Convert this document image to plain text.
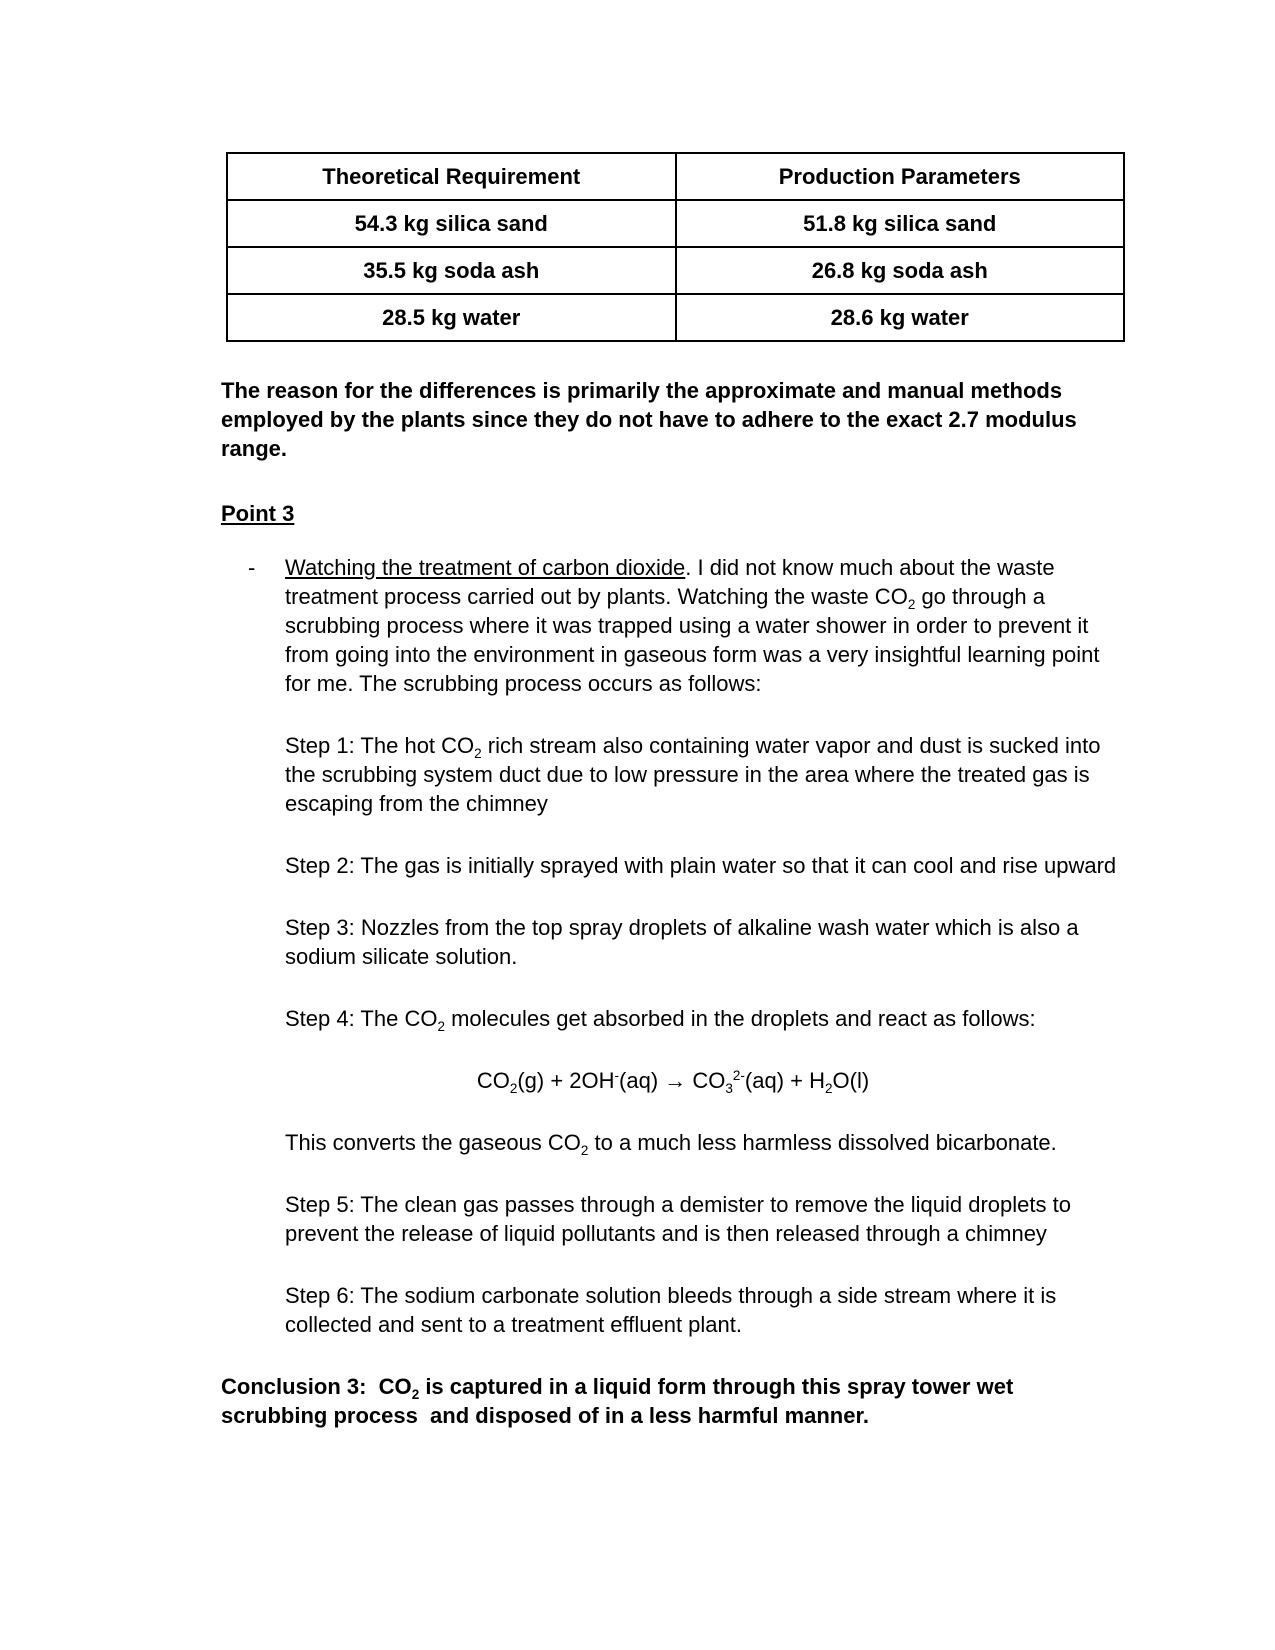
Theoretical Requirement	Production Parameters
54.3 kg silica sand	51.8 kg silica sand
35.5 kg soda ash	26.8 kg soda ash
28.5 kg water	28.6 kg water

The reason for the differences is primarily the approximate and manual methods employed by the plants since they do not have to adhere to the exact 2.7 modulus range.

Point 3
-	Watching the treatment of carbon dioxide. I did not know much about the waste treatment process carried out by plants. Watching the waste $CO_2$ go through a scrubbing process where it was trapped using a water shower in order to prevent it from going into the environment in gaseous form was a very insightful learning point for me. The scrubbing process occurs as follows:
Step 1: The hot $CO_2$ rich stream also containing water vapor and dust is sucked into the scrubbing system duct due to low pressure in the area where the treated gas is escaping from the chimney
Step 2: The gas is initially sprayed with plain water so that it can cool and rise upward
Step 3: Nozzles from the top spray droplets of alkaline wash water which is also a sodium silicate solution.
Step 4: The $CO_2$ molecules get absorbed in the droplets and react as follows:
$CO_2(g) + 2OH^-(aq) \to CO_3^{2-}(aq) + H_2O(l)$
This converts the gaseous $CO_2$ to a much less harmless dissolved bicarbonate.
Step 5: The clean gas passes through a demister to remove the liquid droplets to prevent the release of liquid pollutants and is then released through a chimney
Step 6: The sodium carbonate solution bleeds through a side stream where it is collected and sent to a treatment effluent plant.

Conclusion 3:  $CO_2$ is captured in a liquid form through this spray tower wet scrubbing process  and disposed of in a less harmful manner.
